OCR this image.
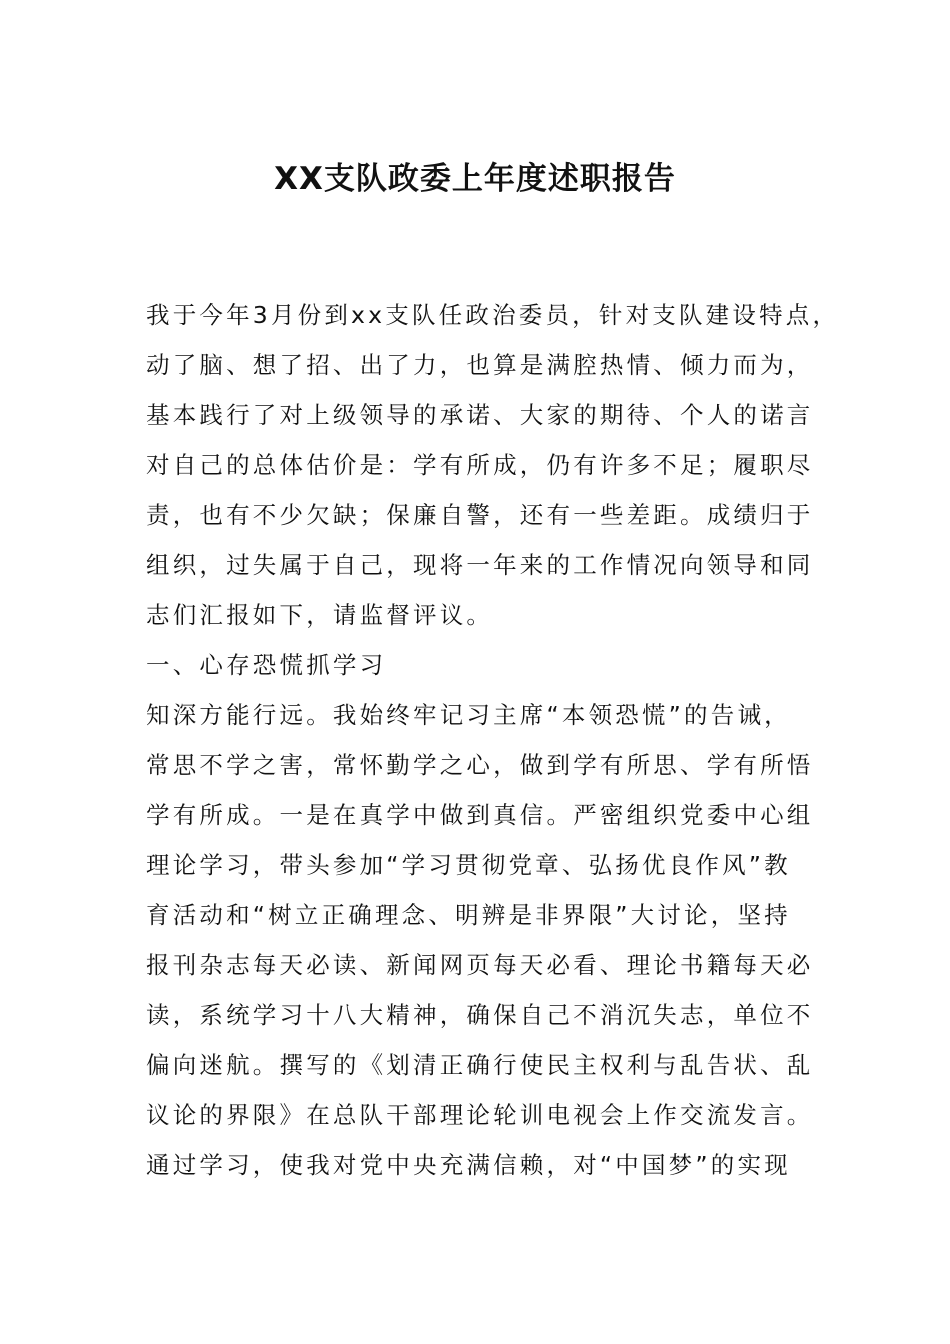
XX支队政委上年度述职报告
我于今年3月份到xx支队任政治委员，针对支队建设特点，
动了脑、想了招、出了力，也算是满腔热情、倾力而为，
基本践行了对上级领导的承诺、大家的期待、个人的诺言
对自己的总体估价是：学有所成，仍有许多不足；履职尽
责，也有不少欠缺；保廉自警，还有一些差距。成绩归于
组织，过失属于自己，现将一年来的工作情况向领导和同
志们汇报如下，请监督评议。
一、心存恐慌抓学习
知深方能行远。我始终牢记习主席“本领恐慌”的告诫，
常思不学之害，常怀勤学之心，做到学有所思、学有所悟
学有所成。一是在真学中做到真信。严密组织党委中心组
理论学习，带头参加“学习贯彻党章、弘扬优良作风”教
育活动和“树立正确理念、明辨是非界限”大讨论，坚持
报刊杂志每天必读、新闻网页每天必看、理论书籍每天必
读，系统学习十八大精神，确保自己不消沉失志，单位不
偏向迷航。撰写的《划清正确行使民主权利与乱告状、乱
议论的界限》在总队干部理论轮训电视会上作交流发言。
通过学习，使我对党中央充满信赖，对“中国梦”的实现
